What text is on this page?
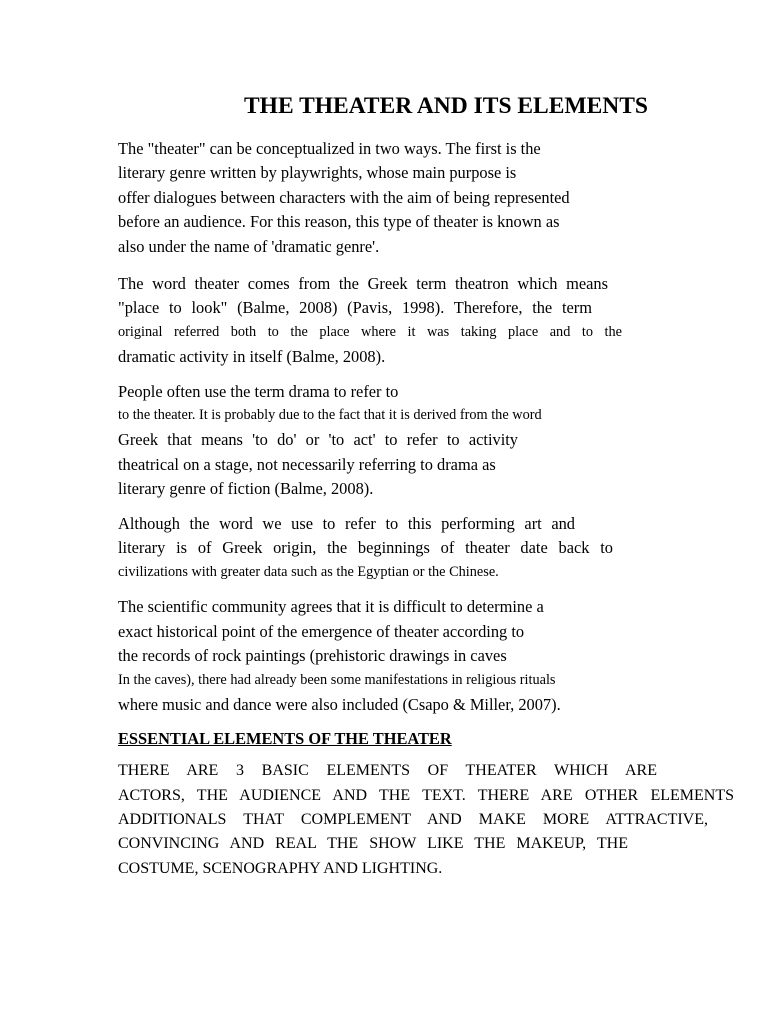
THE THEATER AND ITS ELEMENTS
The "theater" can be conceptualized in two ways. The first is the
literary genre written by playwrights, whose main purpose is
offer dialogues between characters with the aim of being represented
before an audience. For this reason, this type of theater is known as
also under the name of 'dramatic genre'.
The word theater comes from the Greek term theatron which means
"place to look" (Balme, 2008) (Pavis, 1998). Therefore, the term
original referred both to the place where it was taking place and to the
dramatic activity in itself (Balme, 2008).
People often use the term drama to refer to
to the theater. It is probably due to the fact that it is derived from the word
Greek that means 'to do' or 'to act' to refer to activity
theatrical on a stage, not necessarily referring to drama as
literary genre of fiction (Balme, 2008).
Although the word we use to refer to this performing art and
literary is of Greek origin, the beginnings of theater date back to
civilizations with greater data such as the Egyptian or the Chinese.
The scientific community agrees that it is difficult to determine a
exact historical point of the emergence of theater according to
the records of rock paintings (prehistoric drawings in caves
In the caves), there had already been some manifestations in religious rituals
where music and dance were also included (Csapo & Miller, 2007).
ESSENTIAL ELEMENTS OF THE THEATER
THERE ARE 3 BASIC ELEMENTS OF THEATER WHICH ARE
ACTORS, THE AUDIENCE AND THE TEXT. THERE ARE OTHER ELEMENTS
ADDITIONALS THAT COMPLEMENT AND MAKE MORE ATTRACTIVE,
CONVINCING AND REAL THE SHOW LIKE THE MAKEUP, THE
COSTUME, SCENOGRAPHY AND LIGHTING.
